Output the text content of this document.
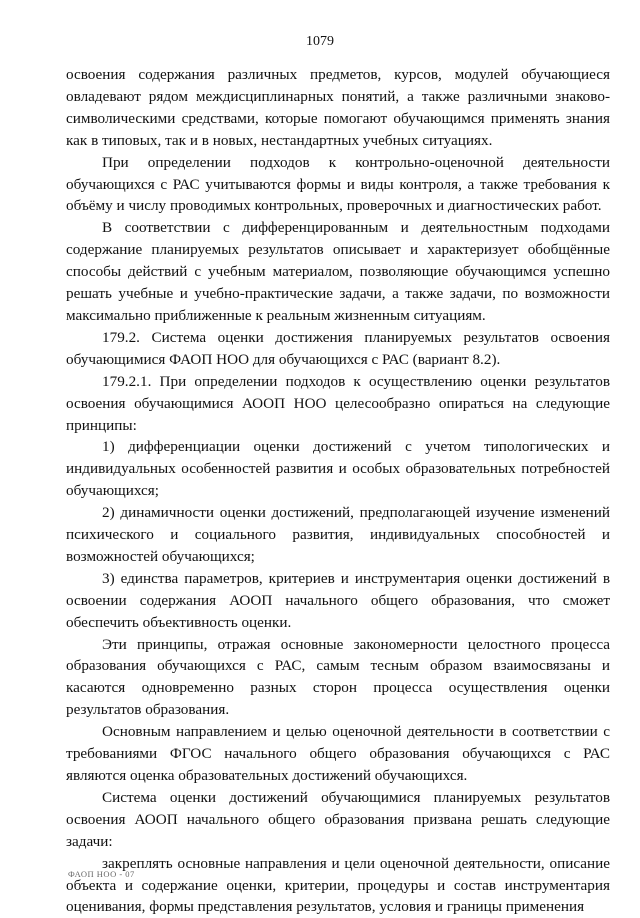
1079

освоения содержания различных предметов, курсов, модулей обучающиеся овладевают рядом междисциплинарных понятий, а также различными знаково-символическими средствами, которые помогают обучающимся применять знания как в типовых, так и в новых, нестандартных учебных ситуациях.

При определении подходов к контрольно-оценочной деятельности обучающихся с РАС учитываются формы и виды контроля, а также требования к объёму и числу проводимых контрольных, проверочных и диагностических работ.

В соответствии с дифференцированным и деятельностным подходами содержание планируемых результатов описывает и характеризует обобщённые способы действий с учебным материалом, позволяющие обучающимся успешно решать учебные и учебно-практические задачи, а также задачи, по возможности максимально приближенные к реальным жизненным ситуациям.

179.2. Система оценки достижения планируемых результатов освоения обучающимися ФАОП НОО для обучающихся с РАС (вариант 8.2).

179.2.1. При определении подходов к осуществлению оценки результатов освоения обучающимися АООП НОО целесообразно опираться на следующие принципы:

1) дифференциации оценки достижений с учетом типологических и индивидуальных особенностей развития и особых образовательных потребностей обучающихся;

2) динамичности оценки достижений, предполагающей изучение изменений психического и социального развития, индивидуальных способностей и возможностей обучающихся;

3) единства параметров, критериев и инструментария оценки достижений в освоении содержания АООП начального общего образования, что сможет обеспечить объективность оценки.

Эти принципы, отражая основные закономерности целостного процесса образования обучающихся с РАС, самым тесным образом взаимосвязаны и касаются одновременно разных сторон процесса осуществления оценки результатов образования.

Основным направлением и целью оценочной деятельности в соответствии с требованиями ФГОС начального общего образования обучающихся с РАС являются оценка образовательных достижений обучающихся.

Система оценки достижений обучающимися планируемых результатов освоения АООП начального общего образования призвана решать следующие задачи:

закреплять основные направления и цели оценочной деятельности, описание объекта и содержание оценки, критерии, процедуры и состав инструментария оценивания, формы представления результатов, условия и границы применения

ФАОП НОО - 07
